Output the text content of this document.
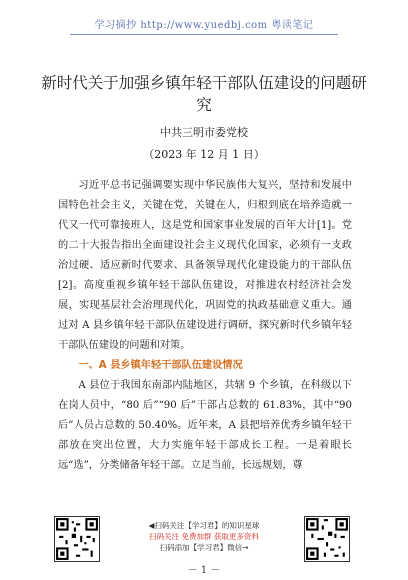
学习摘抄 http://www.yuedbj.com 粤读笔记
新时代关于加强乡镇年轻干部队伍建设的问题研究
中共三明市委党校
（2023 年 12 月 1 日）

习近平总书记强调要实现中华民族伟大复兴，坚持和发展中国特色社会主义，关键在党，关键在人，归根到底在培养造就一代又一代可靠接班人，这是党和国家事业发展的百年大计[1]。党的二十大报告指出全面建设社会主义现代化国家，必须有一支政治过硬、适应新时代要求、具备领导现代化建设能力的干部队伍[2]。高度重视乡镇年轻干部队伍建设，对推进农村经济社会发展，实现基层社会治理现代化，巩固党的执政基础意义重大。通过对 A 县乡镇年轻干部队伍建设进行调研，探究新时代乡镇年轻干部队伍建设的问题和对策。

一、A 县乡镇年轻干部队伍建设情况

A 县位于我国东南部内陆地区，共辖 9 个乡镇，在科级以下在岗人员中，“80 后”“90 后”干部占总数的 61.83%，其中“90 后”人员占总数的 50.40%。近年来，A 县把培养优秀乡镇年轻干部放在突出位置，大力实施年轻干部成长工程。一是着眼长远“选”，分类储备年轻干部。立足当前，长远规划，尊

◀扫码关注【学习君】的知识星球
扫码关注 免费加群 获取更多资料
扫码添加【学习君】微信→
－ 1 －
